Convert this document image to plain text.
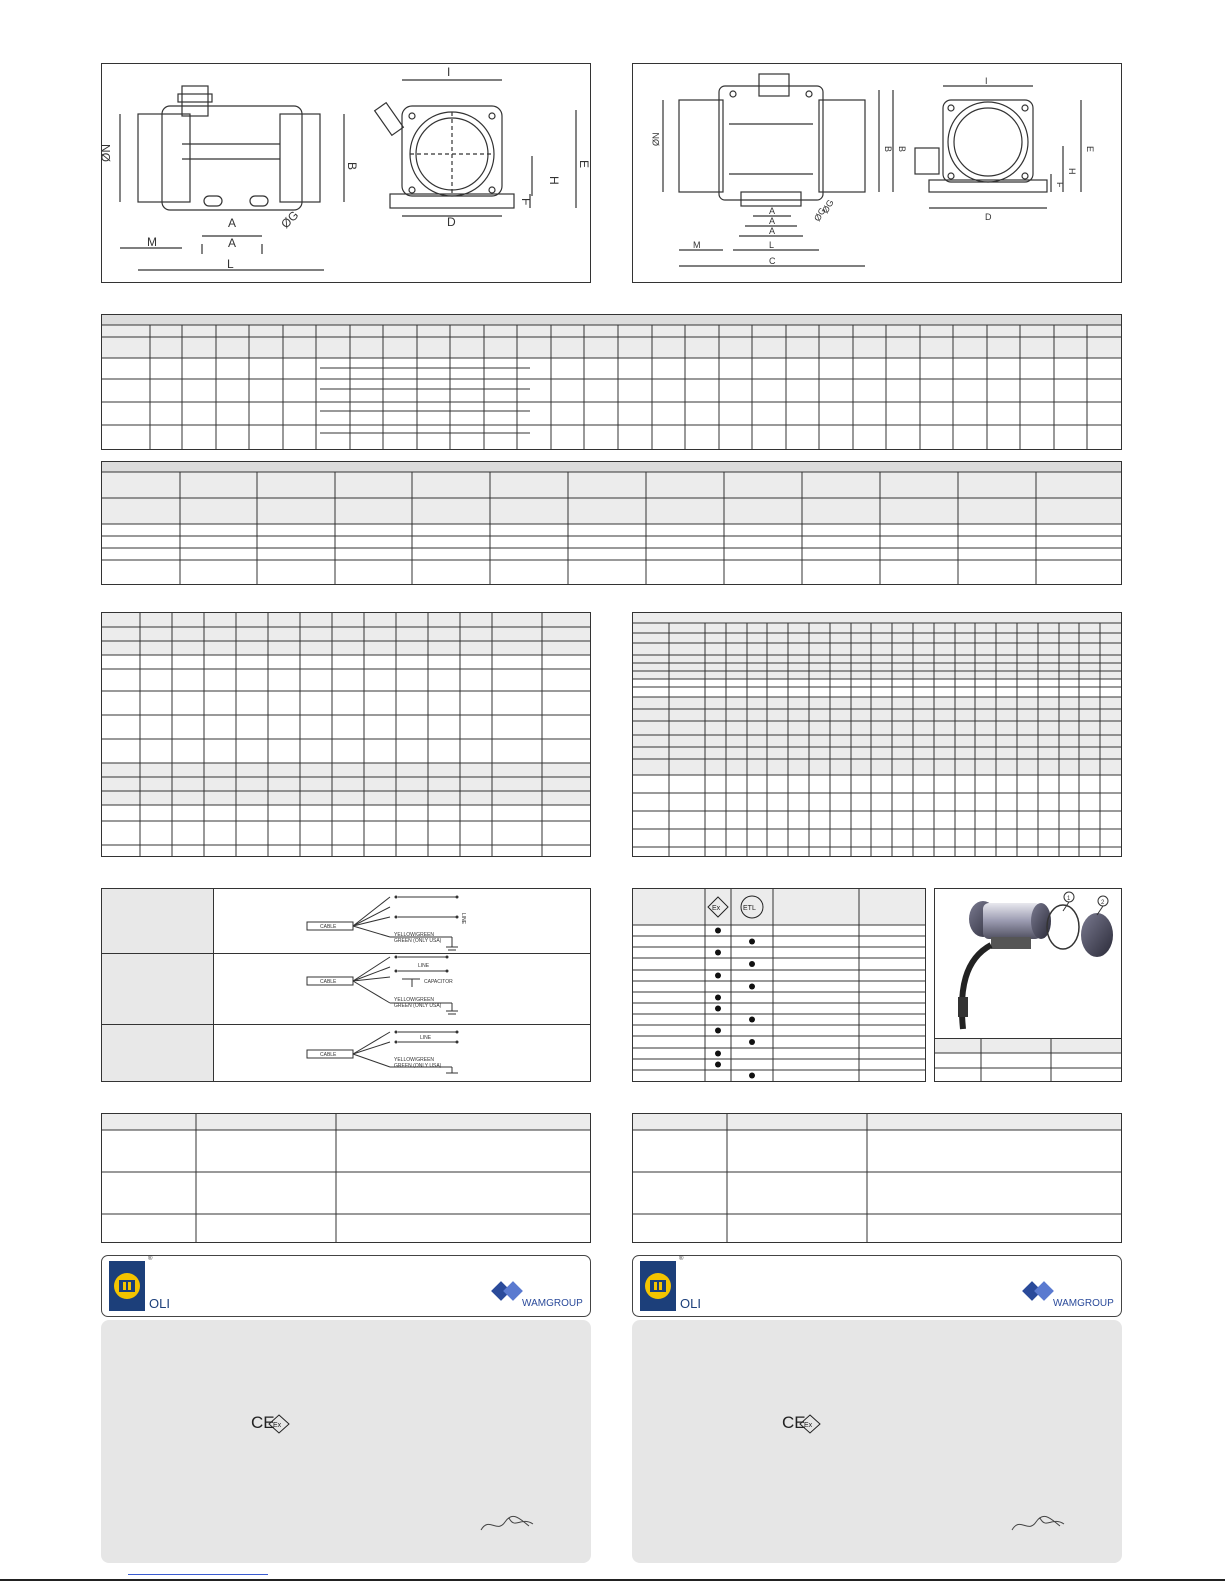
ØN
B
A
A
ØG
M
L
I
E
H
F
D
ØN
B B
A
A
A
L
M
C
ØG
ØG
I
E
H
F
D
CABLE
LINE
YELLOW/GREEN
GREEN (ONLY USA)
CABLE
LINE
CAPACITOR
YELLOW/GREEN
GREEN (ONLY USA)
CABLE
LINE
YELLOW/GREEN
GREEN (ONLY USA)
Ex	ETL
1
2
®
OLI	WAMGROUP
®
OLI	WAMGROUP
CE
Ex	CE
Ex
